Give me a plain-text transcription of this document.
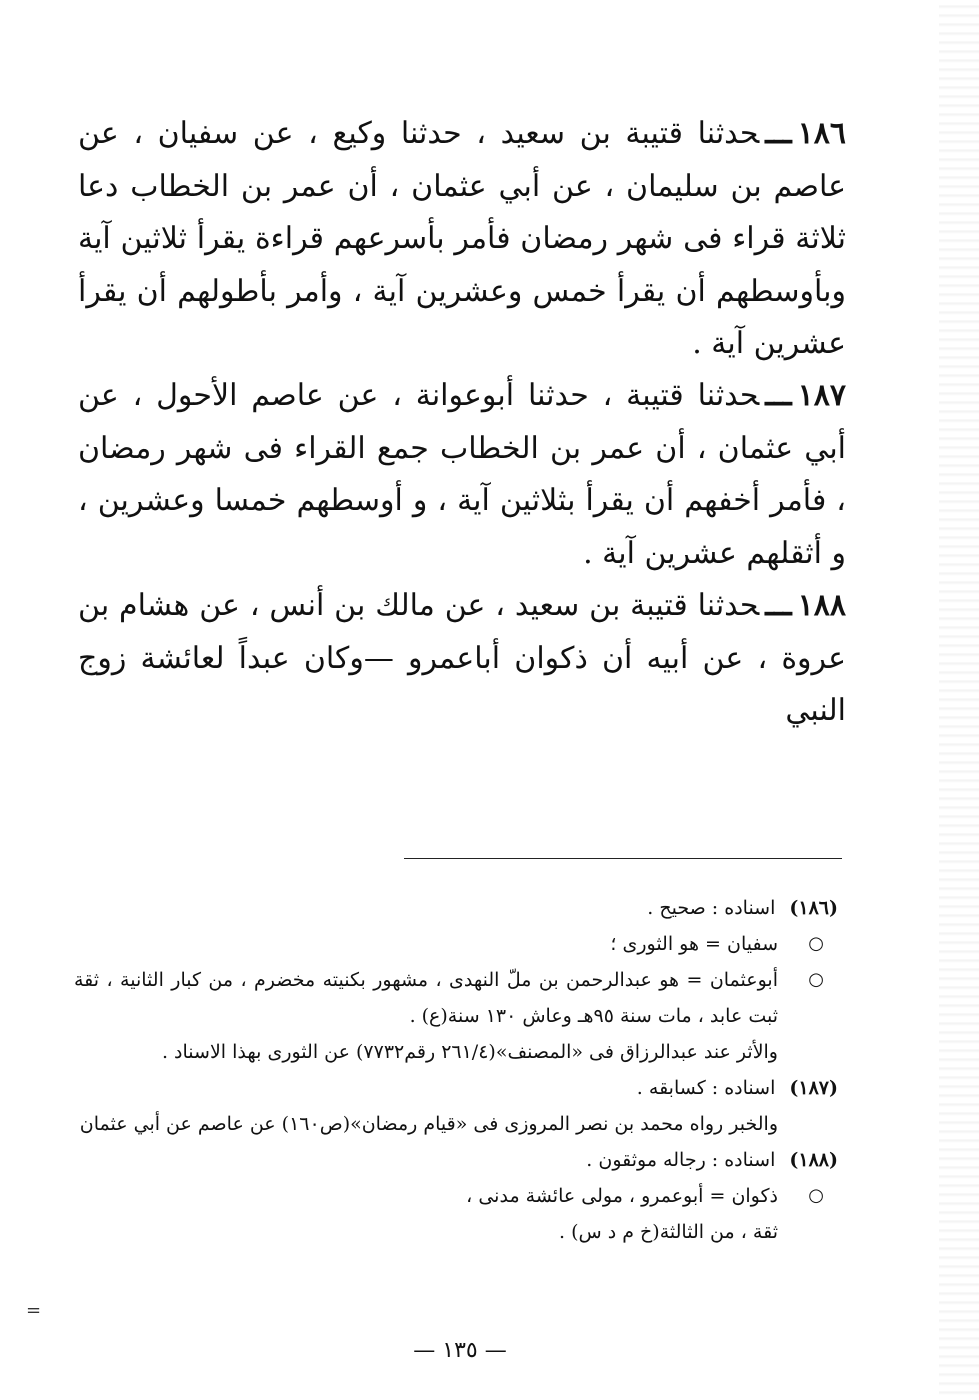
١٨٦ـــحدثنا قتيبة بن سعيد ، حدثنا وكيع ، عن سفيان ، عن عاصم بن سليمان ، عن أبي عثمان ، أن عمر بن الخطاب دعا ثلاثة قراء فى شهر رمضان فأمر بأسرعهم قراءة يقرأ ثلاثين آية وبأوسطهم أن يقرأ خمس وعشرين آية ، وأمر بأطولهم أن يقرأ عشرين آية .
١٨٧ـــحدثنا قتيبة ، حدثنا أبوعوانة ، عن عاصم الأحول ، عن أبي عثمان ، أن عمر بن الخطاب جمع القراء فى شهر رمضان ، فأمر أخفهم أن يقرأ بثلاثين آية ، و أوسطهم خمسا وعشرين ، و أثقلهم عشرين آية .
١٨٨ـــحدثنا قتيبة بن سعيد ، عن مالك بن أنس ، عن هشام بن عروة ، عن أبيه أن ذكوان أباعمرو —وكان عبداً لعائشة زوج النبي
(١٨٦)اسناده : صحيح .
○
سفيان = هو الثورى ؛
○
أبوعثمان = هو عبدالرحمن بن ملّ النهدى ، مشهور بكنيته مخضرم ، من كبار الثانية ، ثقة ثبت عابد ، مات سنة ٩٥هـ وعاش ١٣٠ سنة(ع) .
والأثر عند عبدالرزاق فى «المصنف»(٢٦١/٤ رقم٧٧٣٢) عن الثورى بهذا الاسناد .
(١٨٧)اسناده : كسابقه .
والخبر رواه محمد بن نصر المروزى فى «قيام رمضان»(ص١٦٠) عن عاصم عن أبي عثمان
(١٨٨)اسناده : رجاله موثقون .
○
ذكوان = أبوعمرو ، مولى عائشة مدنى ،
ثقة ، من الثالثة(خ م د س) .
=
— ١٣٥ —
